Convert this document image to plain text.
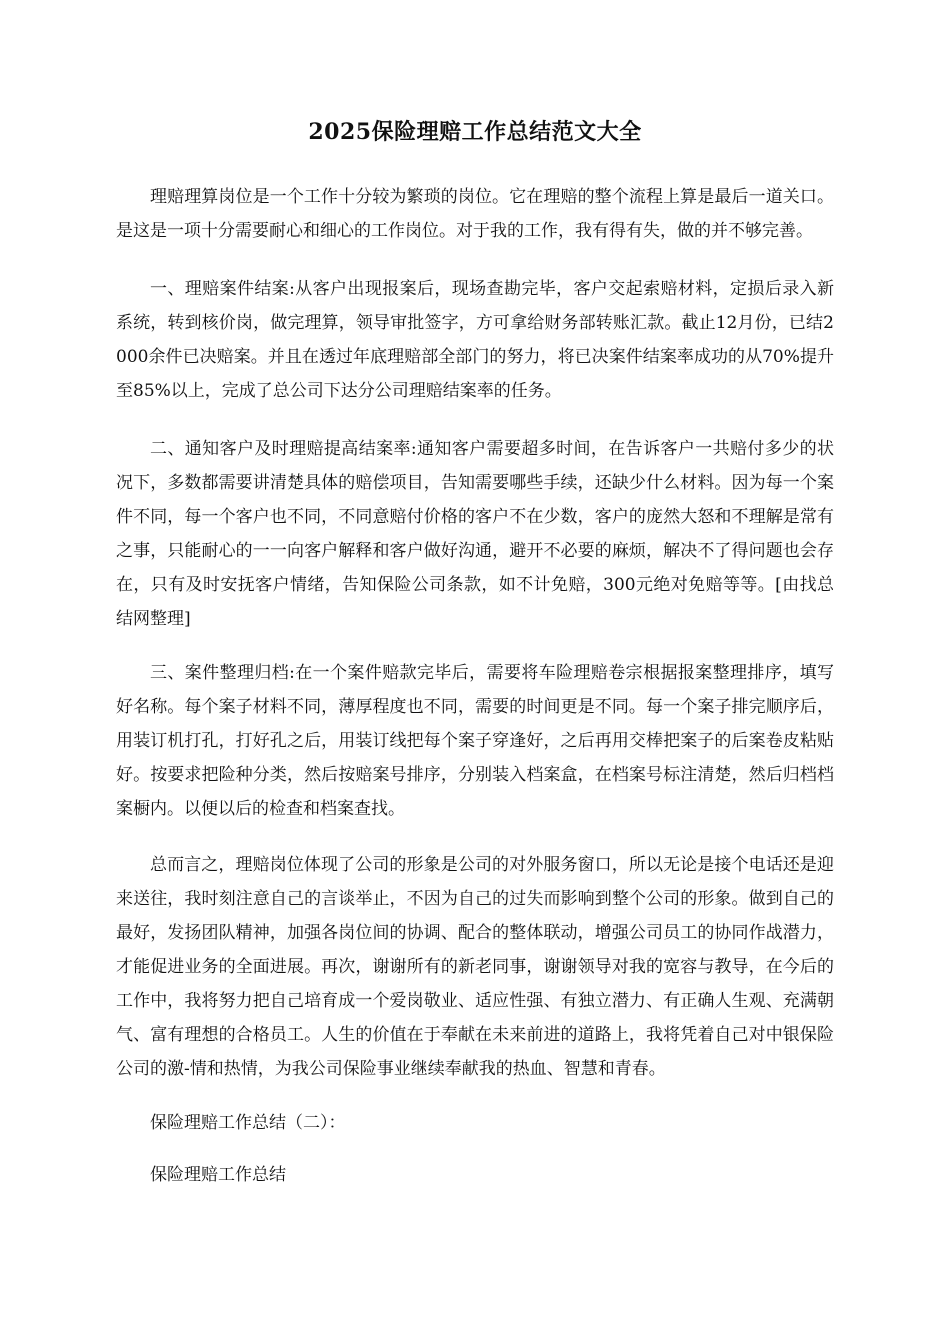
2025保险理赔工作总结范文大全

理赔理算岗位是一个工作十分较为繁琐的岗位。它在理赔的整个流程上算是最后一道关口。是这是一项十分需要耐心和细心的工作岗位。对于我的工作，我有得有失，做的并不够完善。

一、理赔案件结案:从客户出现报案后，现场查勘完毕，客户交起索赔材料，定损后录入新系统，转到核价岗，做完理算，领导审批签字，方可拿给财务部转账汇款。截止12月份，已结2000余件已决赔案。并且在透过年底理赔部全部门的努力，将已决案件结案率成功的从70%提升至85%以上，完成了总公司下达分公司理赔结案率的任务。

二、通知客户及时理赔提高结案率:通知客户需要超多时间，在告诉客户一共赔付多少的状况下，多数都需要讲清楚具体的赔偿项目，告知需要哪些手续，还缺少什么材料。因为每一个案件不同，每一个客户也不同，不同意赔付价格的客户不在少数，客户的庞然大怒和不理解是常有之事，只能耐心的一一向客户解释和客户做好沟通，避开不必要的麻烦，解决不了得问题也会存在，只有及时安抚客户情绪，告知保险公司条款，如不计免赔，300元绝对免赔等等。[由找总结网整理]

三、案件整理归档:在一个案件赔款完毕后，需要将车险理赔卷宗根据报案整理排序，填写好名称。每个案子材料不同，薄厚程度也不同，需要的时间更是不同。每一个案子排完顺序后，用装订机打孔，打好孔之后，用装订线把每个案子穿逢好，之后再用交棒把案子的后案卷皮粘贴好。按要求把险种分类，然后按赔案号排序，分别装入档案盒，在档案号标注清楚，然后归档档案橱内。以便以后的检查和档案查找。

总而言之，理赔岗位体现了公司的形象是公司的对外服务窗口，所以无论是接个电话还是迎来送往，我时刻注意自己的言谈举止，不因为自己的过失而影响到整个公司的形象。做到自己的最好，发扬团队精神，加强各岗位间的协调、配合的整体联动，增强公司员工的协同作战潜力，才能促进业务的全面进展。再次，谢谢所有的新老同事，谢谢领导对我的宽容与教导，在今后的工作中，我将努力把自己培育成一个爱岗敬业、适应性强、有独立潜力、有正确人生观、充满朝气、富有理想的合格员工。人生的价值在于奉献在未来前进的道路上，我将凭着自己对中银保险公司的激-情和热情，为我公司保险事业继续奉献我的热血、智慧和青春。

保险理赔工作总结（二）：

保险理赔工作总结
